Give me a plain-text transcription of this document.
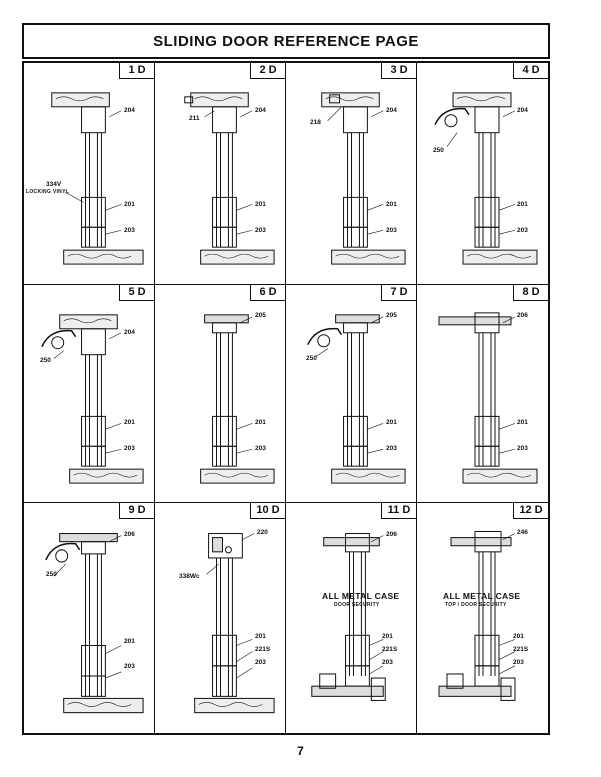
SLIDING DOOR REFERENCE PAGE
1 D
204
201
203
334V
LOCKING VINYL
2 D
211
204
201
203
3 D
218
204
201
203
4 D
204
250
201
203
5 D
204
250
201
203
6 D
205
201
203
7 D
205
250
201
203
8 D
206
201
203
9 D
206
250
201
203
10 D
220
338Wc
201
221S
203
11 D
206
ALL METAL CASE
DOOR SECURITY
201
221S
203
12 D
246
ALL METAL CASE
TOP / DOOR SECURITY
201
221S
203
7
